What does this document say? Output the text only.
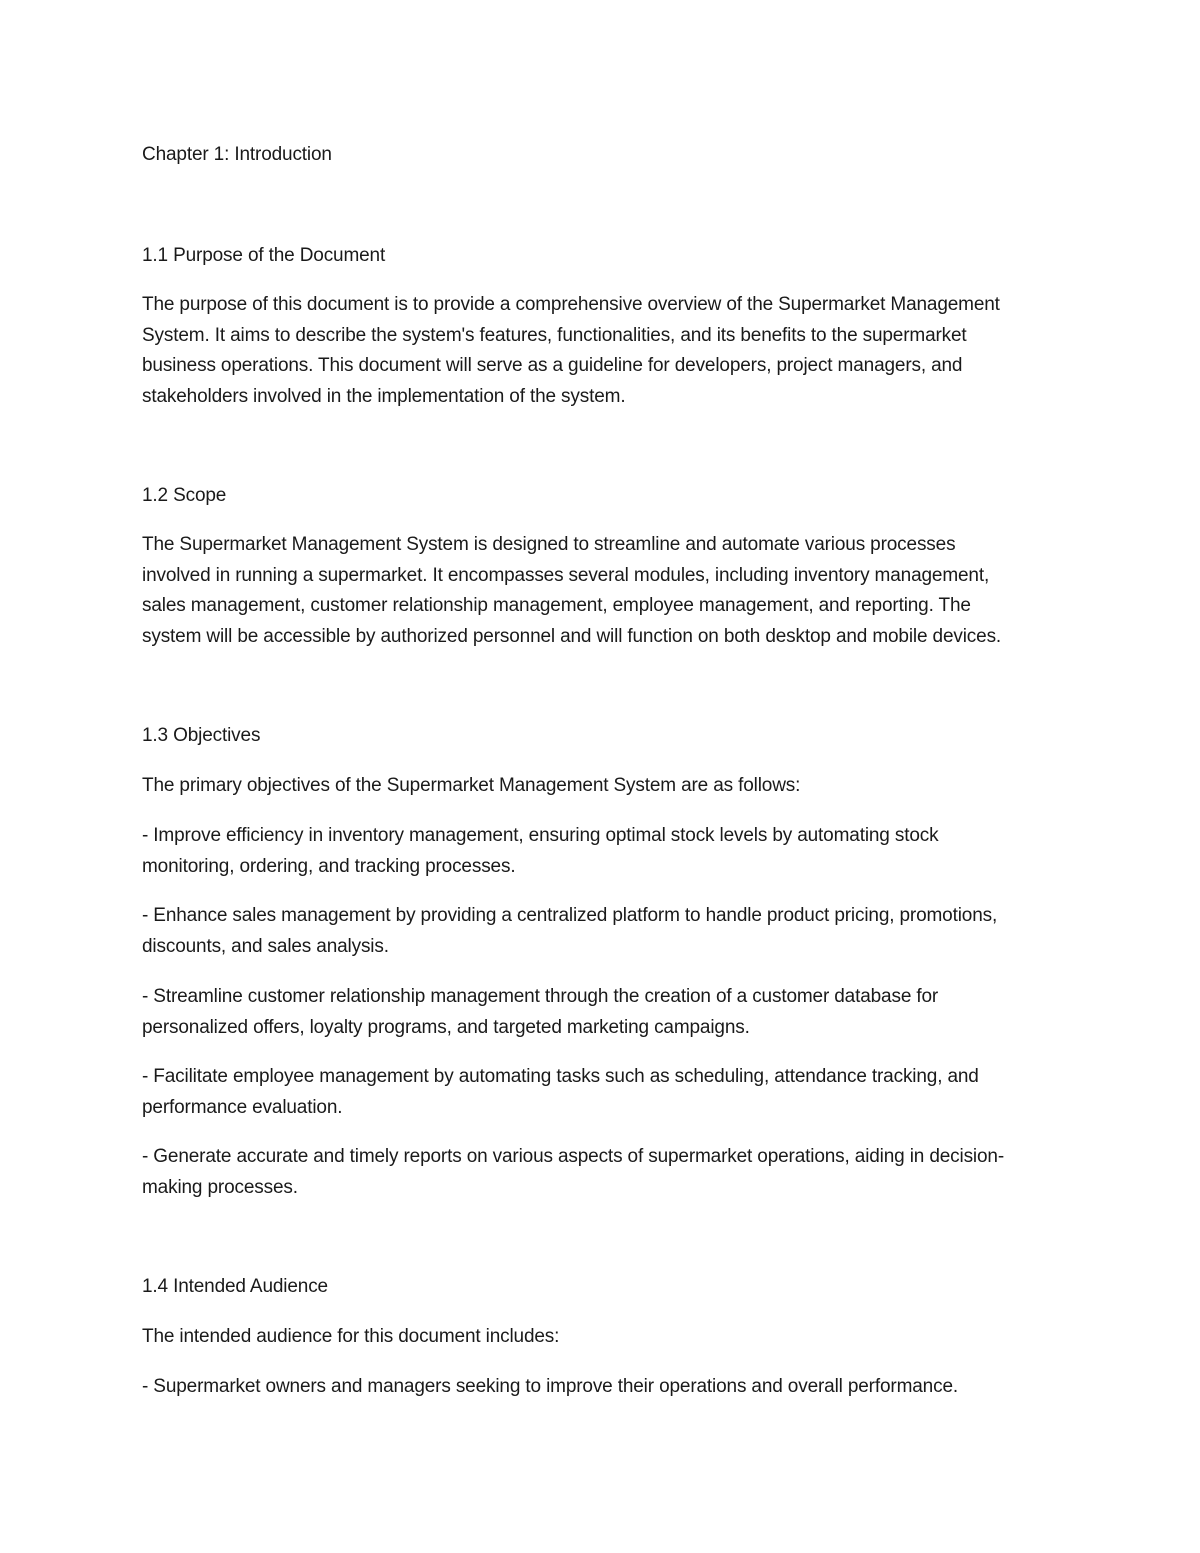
Chapter 1: Introduction

1.1 Purpose of the Document

The purpose of this document is to provide a comprehensive overview of the Supermarket Management
System. It aims to describe the system's features, functionalities, and its benefits to the supermarket
business operations. This document will serve as a guideline for developers, project managers, and
stakeholders involved in the implementation of the system.

1.2 Scope

The Supermarket Management System is designed to streamline and automate various processes
involved in running a supermarket. It encompasses several modules, including inventory management,
sales management, customer relationship management, employee management, and reporting. The
system will be accessible by authorized personnel and will function on both desktop and mobile devices.

1.3 Objectives

The primary objectives of the Supermarket Management System are as follows:

- Improve efficiency in inventory management, ensuring optimal stock levels by automating stock
monitoring, ordering, and tracking processes.

- Enhance sales management by providing a centralized platform to handle product pricing, promotions,
discounts, and sales analysis.

- Streamline customer relationship management through the creation of a customer database for
personalized offers, loyalty programs, and targeted marketing campaigns.

- Facilitate employee management by automating tasks such as scheduling, attendance tracking, and
performance evaluation.

- Generate accurate and timely reports on various aspects of supermarket operations, aiding in decision-
making processes.

1.4 Intended Audience

The intended audience for this document includes:

- Supermarket owners and managers seeking to improve their operations and overall performance.
